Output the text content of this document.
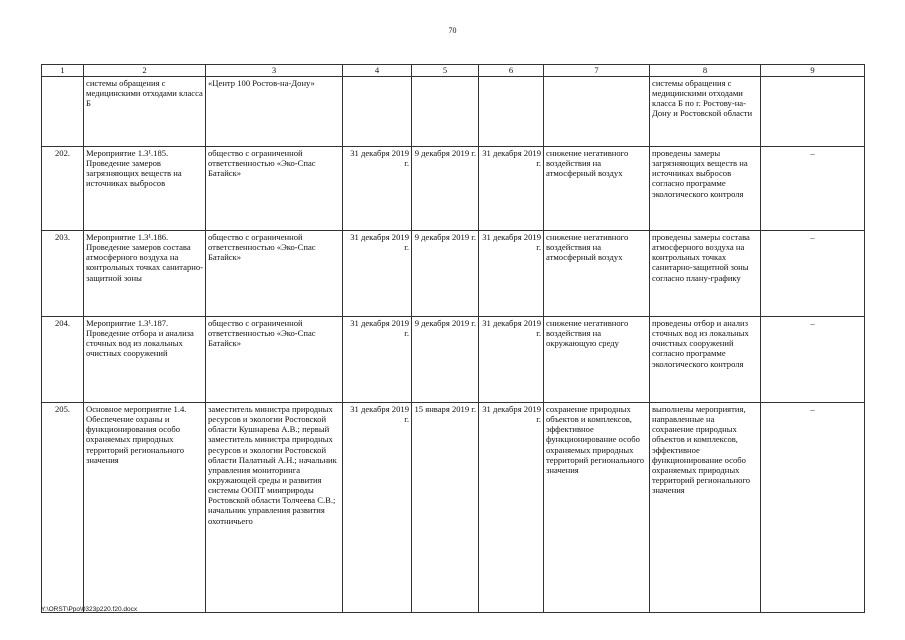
70
1	2	3	4	5	6	7	8	9
	системы обращения с медицинскими отходами класса Б	«Центр 100 Ростов-на-Дону»					системы обращения с медицинскими отходами класса Б по г. Ростову-на-Дону и Ростовской области	
202.	Мероприятие 1.3¹.185. Проведение замеров загрязняющих веществ на источниках выбросов	общество с ограниченной ответственностью «Эко-Спас Батайск»	31 декабря 2019 г.	9 декабря 2019 г.	31 декабря 2019 г.	снижение негативного воздействия на атмосферный воздух	проведены замеры загрязняющих веществ на источниках выбросов согласно программе экологического контроля	–
203.	Мероприятие 1.3¹.186. Проведение замеров состава атмосферного воздуха на контрольных точках санитарно-защитной зоны	общество с ограниченной ответственностью «Эко-Спас Батайск»	31 декабря 2019 г.	9 декабря 2019 г.	31 декабря 2019 г.	снижение негативного воздействия на атмосферный воздух	проведены замеры состава атмосферного воздуха на контрольных точках санитарно-защитной зоны согласно плану-графику	–
204.	Мероприятие 1.3¹.187. Проведение отбора и анализа сточных вод из локальных очистных сооружений	общество с ограниченной ответственностью «Эко-Спас Батайск»	31 декабря 2019 г.	9 декабря 2019 г.	31 декабря 2019 г.	снижение негативного воздействия на окружающую среду	проведены отбор и анализ сточных вод из локальных очистных сооружений согласно программе экологического контроля	–
205.	Основное мероприятие 1.4. Обеспечение охраны и функционирования особо охраняемых природных территорий регионального значения	заместитель министра природных ресурсов и экологии Ростовской области Кушнарева А.В.; первый заместитель министра природных ресурсов и экологии Ростовской области Палатный А.Н.; начальник управления мониторинга окружающей среды и развития системы ООПТ минприроды Ростовской области Толчеева С.В.; начальник управления развития охотничьего	31 декабря 2019 г.	15 января 2019 г.	31 декабря 2019 г.	сохранение природных объектов и комплексов, эффективное функционирование особо охраняемых природных территорий регионального значения	выполнены мероприятия, направленные на сохранение природных объектов и комплексов, эффективное функционирование особо охраняемых природных территорий регионального значения	–
Y:\ORST\Ppo\0323p220.f20.docx
